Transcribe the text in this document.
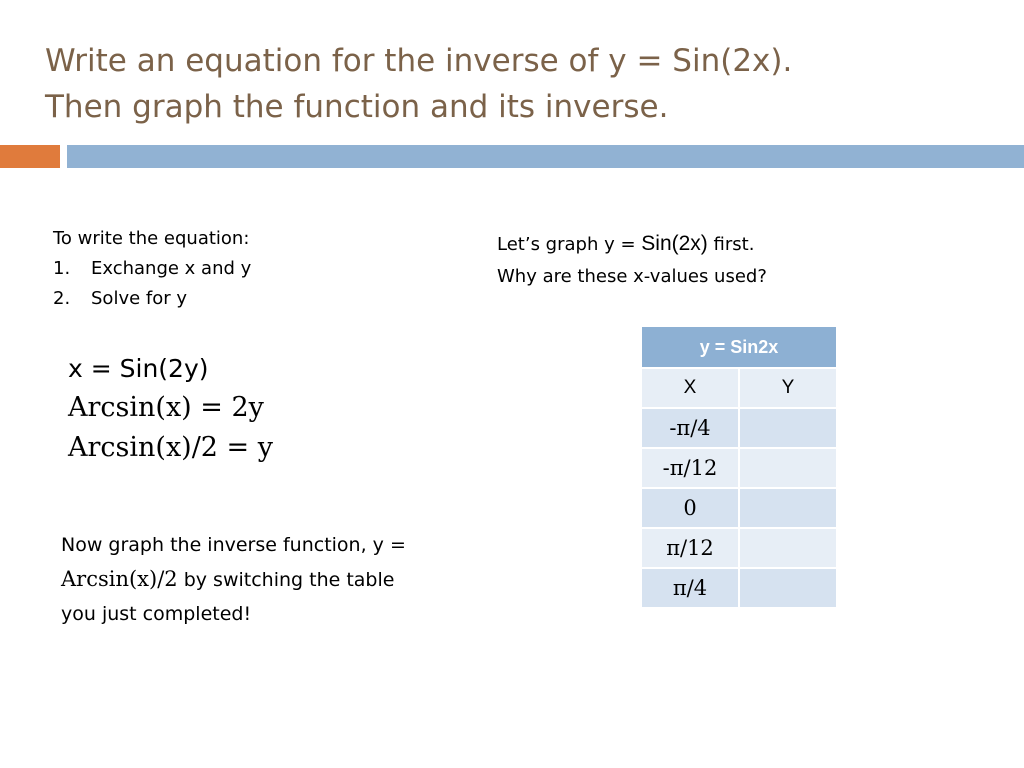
Write an equation for the inverse of y = Sin(2x).
Then graph the function and its inverse.
To write the equation:
1.	Exchange x and y
2.	Solve for y
x = Sin(2y)
Arcsin(x) = 2y
Arcsin(x)/2 = y
Now graph the inverse function, y = Arcsin(x)/2 by switching the table you just completed!
Let’s graph y = Sin(2x) first.
Why are these x-values used?
y = Sin2x	
X	Y
-π/4	
-π/12	
0	
π/12	
π/4	
